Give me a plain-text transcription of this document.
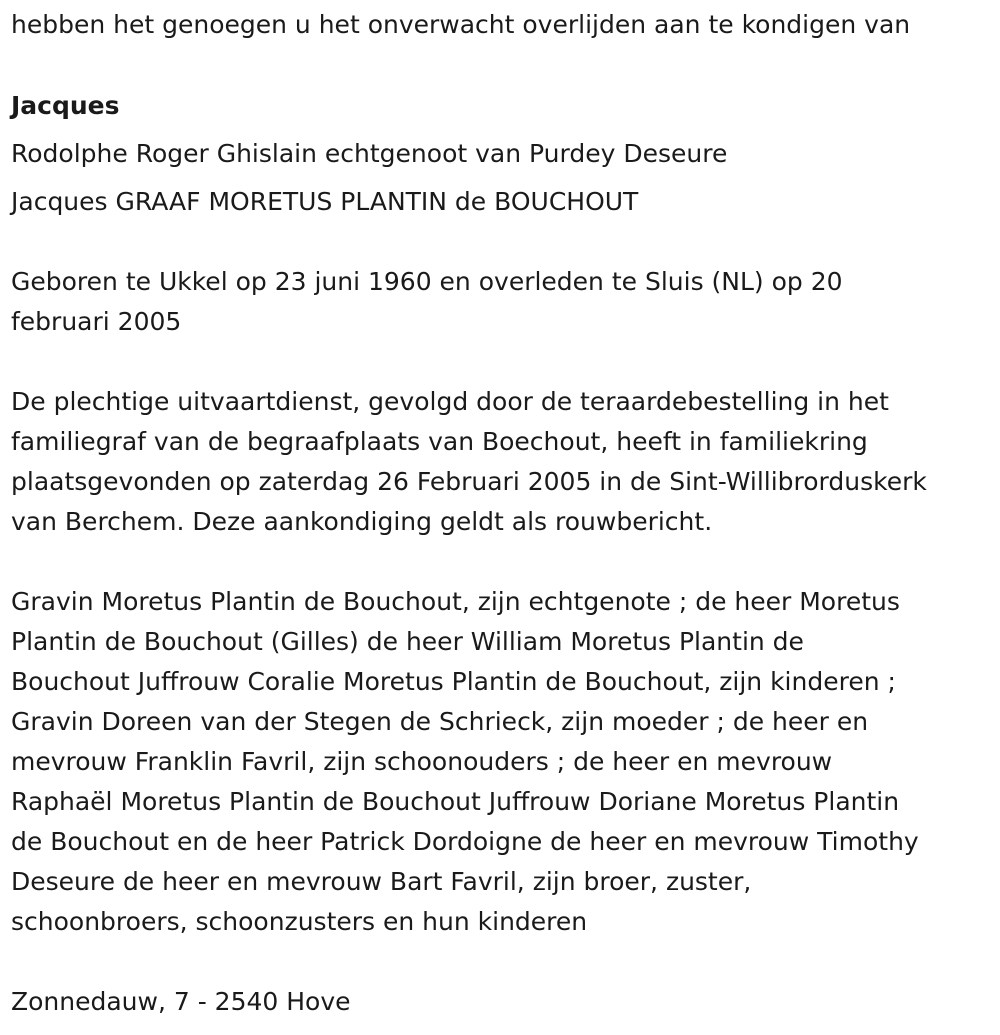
hebben het genoegen u het onverwacht overlijden aan te kondigen van
Jacques
Rodolphe Roger Ghislain echtgenoot van Purdey Deseure
Jacques GRAAF MORETUS PLANTIN de BOUCHOUT

Geboren te Ukkel op 23 juni 1960 en overleden te Sluis (NL) op 20

februari 2005

De plechtige uitvaartdienst, gevolgd door de teraardebestelling in het

familiegraf van de begraafplaats van Boechout, heeft in familiekring

plaatsgevonden op zaterdag 26 Februari 2005 in de Sint-Willibrorduskerk

van Berchem. Deze aankondiging geldt als rouwbericht.

Gravin Moretus Plantin de Bouchout, zijn echtgenote ; de heer Moretus

Plantin de Bouchout (Gilles) de heer William Moretus Plantin de

Bouchout Juffrouw Coralie Moretus Plantin de Bouchout, zijn kinderen ;

Gravin Doreen van der Stegen de Schrieck, zijn moeder ; de heer en

mevrouw Franklin Favril, zijn schoonouders ; de heer en mevrouw

Raphaël Moretus Plantin de Bouchout Juffrouw Doriane Moretus Plantin

de Bouchout en de heer Patrick Dordoigne de heer en mevrouw Timothy

Deseure de heer en mevrouw Bart Favril, zijn broer, zuster,

schoonbroers, schoonzusters en hun kinderen

Zonnedauw, 7 - 2540 Hove
